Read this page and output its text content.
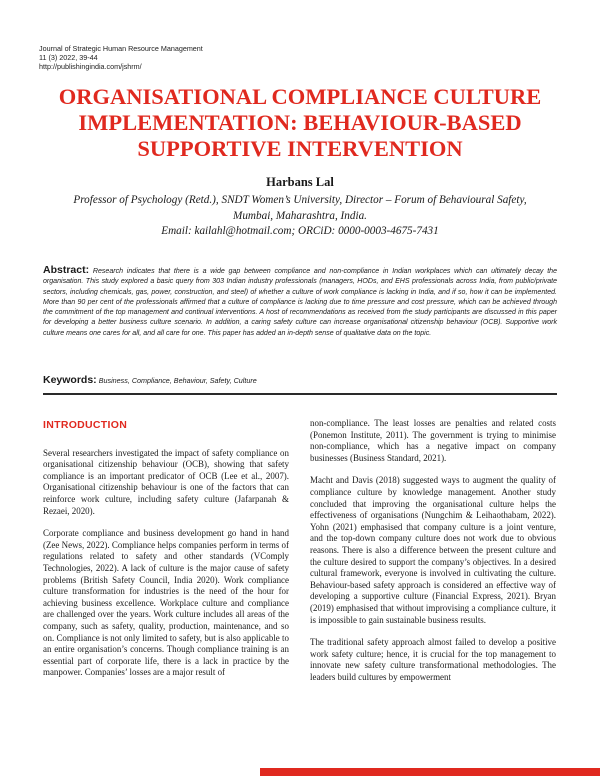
Journal of Strategic Human Resource Management
11 (3) 2022, 39-44
http://publishingindia.com/jshrm/
ORGANISATIONAL COMPLIANCE CULTURE
IMPLEMENTATION: BEHAVIOUR-BASED
SUPPORTIVE INTERVENTION
Harbans Lal
Professor of Psychology (Retd.), SNDT Women’s University, Director – Forum of Behavioural Safety,
Mumbai, Maharashtra, India.
Email: kailahl@hotmail.com; ORCiD: 0000-0003-4675-7431
Abstract: Research indicates that there is a wide gap between compliance and non-compliance in Indian workplaces which can ultimately decay the organisation. This study explored a basic query from 303 Indian industry professionals (managers, HODs, and EHS professionals across India, from public/private sectors, including chemicals, gas, power, construction, and steel) of whether a culture of work compliance is lacking in India, and if so, how it can be implemented. More than 90 per cent of the professionals affirmed that a culture of compliance is lacking due to time pressure and cost pressure, which can be achieved through the commitment of the top management and continual interventions. A host of recommendations as received from the study participants are discussed in this paper for developing a better business culture scenario. In addition, a caring safety culture can increase organisational citizenship behaviour (OCB). Supportive work culture means one cares for all, and all care for one. This paper has added an in-depth sense of qualitative data on the topic.
Keywords: Business, Compliance, Behaviour, Safety, Culture
INTRODUCTION

Several researchers investigated the impact of safety compliance on organisational citizenship behaviour (OCB), showing that safety compliance is an important predicator of OCB (Lee et al., 2007). Organisational citizenship behaviour is one of the factors that can reinforce work culture, including safety culture (Jafarpanah & Rezaei, 2020).

Corporate compliance and business development go hand in hand (Zee News, 2022). Compliance helps companies perform in terms of regulations related to safety and other standards (VComply Technologies, 2022). A lack of culture is the major cause of safety problems (British Safety Council, India 2020). Work compliance culture transformation for industries is the need of the hour for achieving business excellence. Workplace culture and compliance are challenged over the years. Work culture includes all areas of the company, such as safety, quality, production, maintenance, and so on. Compliance is not only limited to safety, but is also applicable to an entire organisation’s concerns. Though compliance training is an essential part of corporate life, there is a lack in practice by the manpower. Companies’ losses are a major result of

non-compliance. The least losses are penalties and related costs (Ponemon Institute, 2011). The government is trying to minimise non-compliance, which has a negative impact on company businesses (Business Standard, 2021).

Macht and Davis (2018) suggested ways to augment the quality of compliance culture by knowledge management. Another study concluded that improving the organisational culture helps the effectiveness of organisations (Nungchim & Leihaothabam, 2022). Yohn (2021) emphasised that company culture is a joint venture, and the top-down company culture does not work due to obvious reasons. There is also a difference between the present culture and the culture desired to support the company’s objectives. In a desired cultural framework, everyone is involved in cultivating the culture. Behaviour-based safety approach is considered an effective way of developing a supportive culture (Financial Express, 2021). Bryan (2019) emphasised that without improvising a compliance culture, it is impossible to gain sustainable business results.

The traditional safety approach almost failed to develop a positive work safety culture; hence, it is crucial for the top management to innovate new safety culture transformational methodologies. The leaders build cultures by empowerment
